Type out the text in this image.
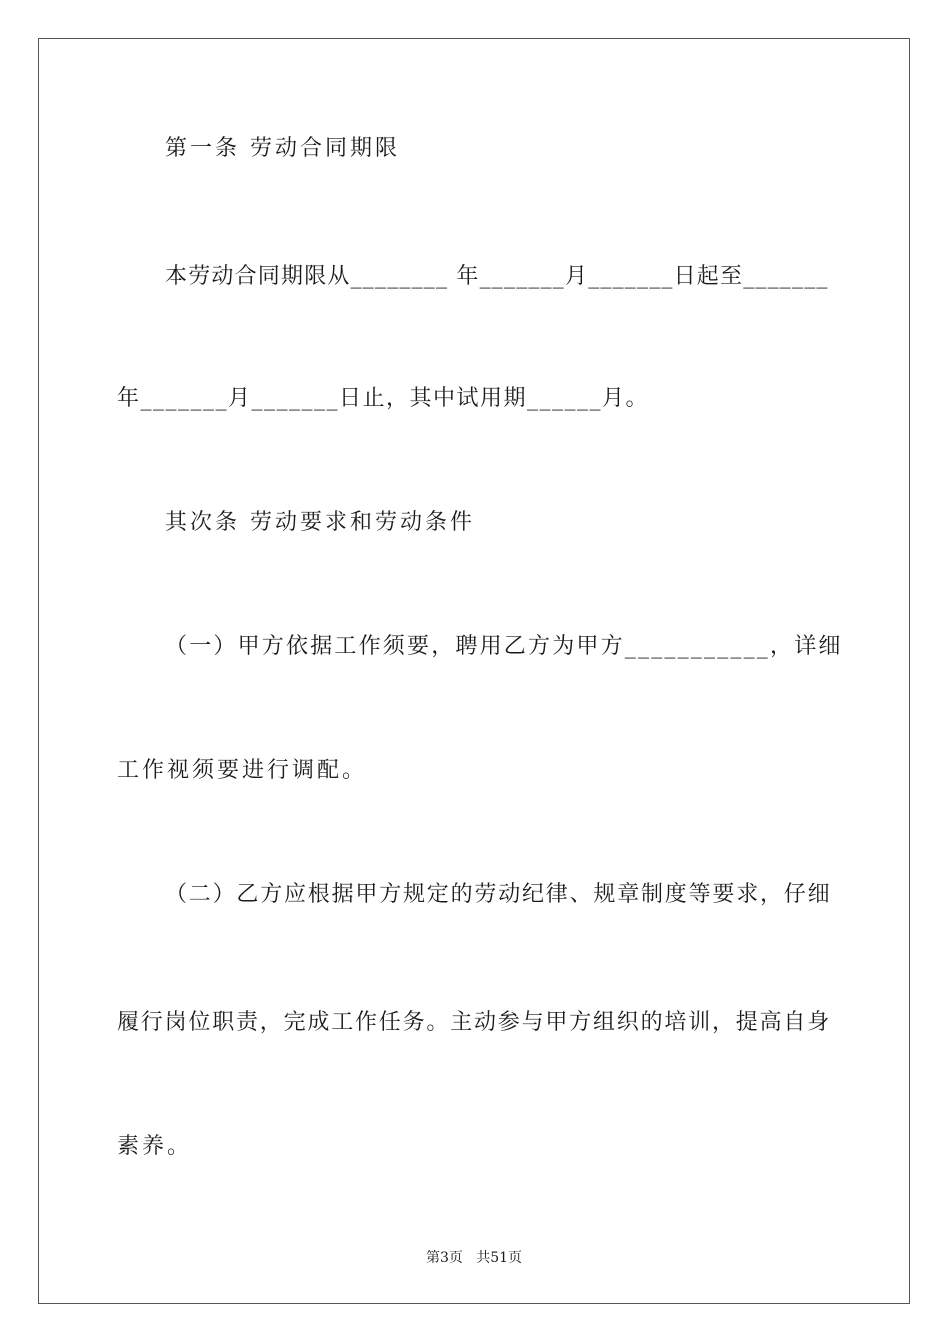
第一条 劳动合同期限
本劳动合同期限从________ 年_______月_______日起至_______
年_______月_______日止，其中试用期______月。
其次条 劳动要求和劳动条件
（一）甲方依据工作须要，聘用乙方为甲方___________，详细
工作视须要进行调配。
（二）乙方应根据甲方规定的劳动纪律、规章制度等要求，仔细
履行岗位职责，完成工作任务。主动参与甲方组织的培训，提高自身
素养。
第3页   共51页
